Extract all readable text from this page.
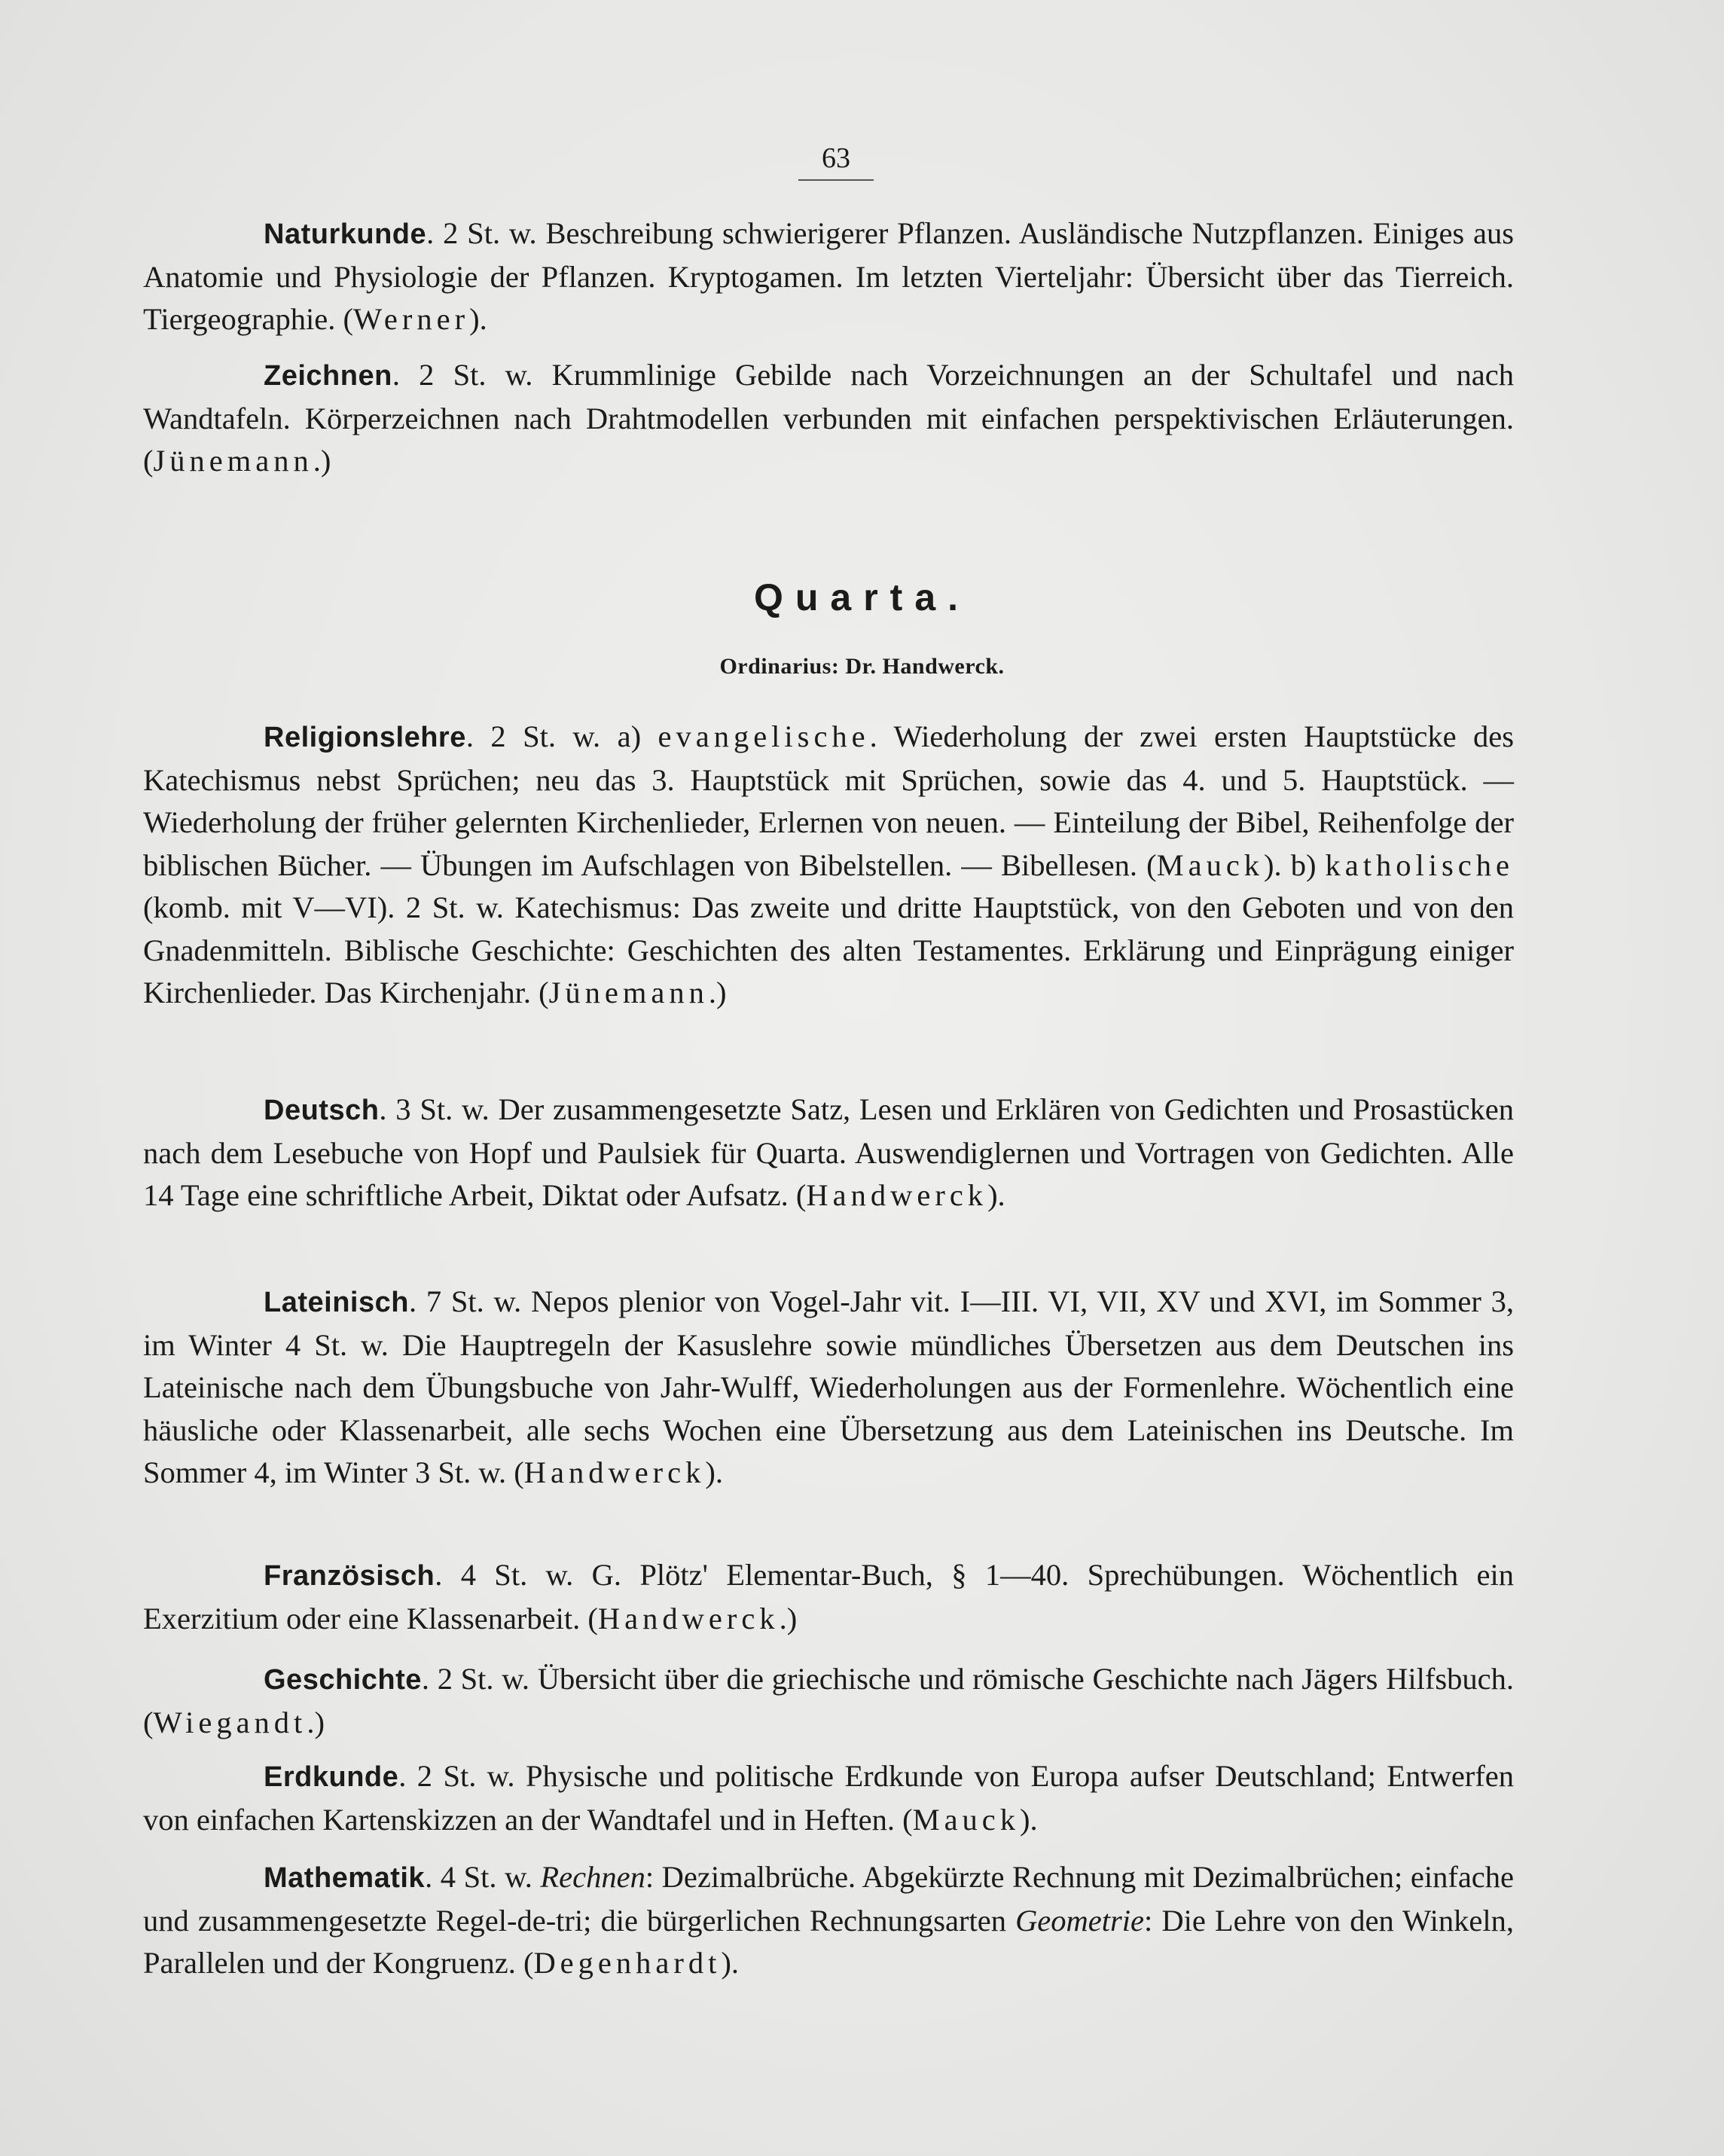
63

Naturkunde. 2 St. w. Beschreibung schwierigerer Pflanzen. Ausländische Nutzpflanzen. Einiges aus Anatomie und Physiologie der Pflanzen. Kryptogamen. Im letzten Vierteljahr: Übersicht über das Tierreich. Tiergeographie. (Werner).

Zeichnen. 2 St. w. Krummlinige Gebilde nach Vorzeichnungen an der Schultafel und nach Wandtafeln. Körperzeichnen nach Drahtmodellen verbunden mit einfachen perspektivischen Erläuterungen. (Jünemann.)

Quarta.
Ordinarius: Dr. Handwerck.

Religionslehre. 2 St. w. a) evangelische. Wiederholung der zwei ersten Hauptstücke des Katechismus nebst Sprüchen; neu das 3. Hauptstück mit Sprüchen, sowie das 4. und 5. Hauptstück. — Wiederholung der früher gelernten Kirchenlieder, Erlernen von neuen. — Einteilung der Bibel, Reihenfolge der biblischen Bücher. — Übungen im Aufschlagen von Bibelstellen. — Bibellesen. (Mauck). b) katholische (komb. mit V—VI). 2 St. w. Katechismus: Das zweite und dritte Hauptstück, von den Geboten und von den Gnadenmitteln. Biblische Geschichte: Geschichten des alten Testamentes. Erklärung und Einprägung einiger Kirchenlieder. Das Kirchenjahr. (Jünemann.)

Deutsch. 3 St. w. Der zusammengesetzte Satz, Lesen und Erklären von Gedichten und Prosastücken nach dem Lesebuche von Hopf und Paulsiek für Quarta. Auswendiglernen und Vortragen von Gedichten. Alle 14 Tage eine schriftliche Arbeit, Diktat oder Aufsatz. (Handwerck).

Lateinisch. 7 St. w. Nepos plenior von Vogel-Jahr vit. I—III. VI, VII, XV und XVI, im Sommer 3, im Winter 4 St. w. Die Hauptregeln der Kasuslehre sowie mündliches Übersetzen aus dem Deutschen ins Lateinische nach dem Übungsbuche von Jahr-Wulff, Wiederholungen aus der Formenlehre. Wöchentlich eine häusliche oder Klassenarbeit, alle sechs Wochen eine Übersetzung aus dem Lateinischen ins Deutsche. Im Sommer 4, im Winter 3 St. w. (Handwerck).

Französisch. 4 St. w. G. Plötz' Elementar-Buch, § 1—40. Sprechübungen. Wöchentlich ein Exerzitium oder eine Klassenarbeit. (Handwerck.)

Geschichte. 2 St. w. Übersicht über die griechische und römische Geschichte nach Jägers Hilfsbuch. (Wiegandt.)

Erdkunde. 2 St. w. Physische und politische Erdkunde von Europa aufser Deutschland; Entwerfen von einfachen Kartenskizzen an der Wandtafel und in Heften. (Mauck).

Mathematik. 4 St. w. Rechnen: Dezimalbrüche. Abgekürzte Rechnung mit Dezimalbrüchen; einfache und zusammengesetzte Regel-de-tri; die bürgerlichen Rechnungsarten Geometrie: Die Lehre von den Winkeln, Parallelen und der Kongruenz. (Degenhardt).
